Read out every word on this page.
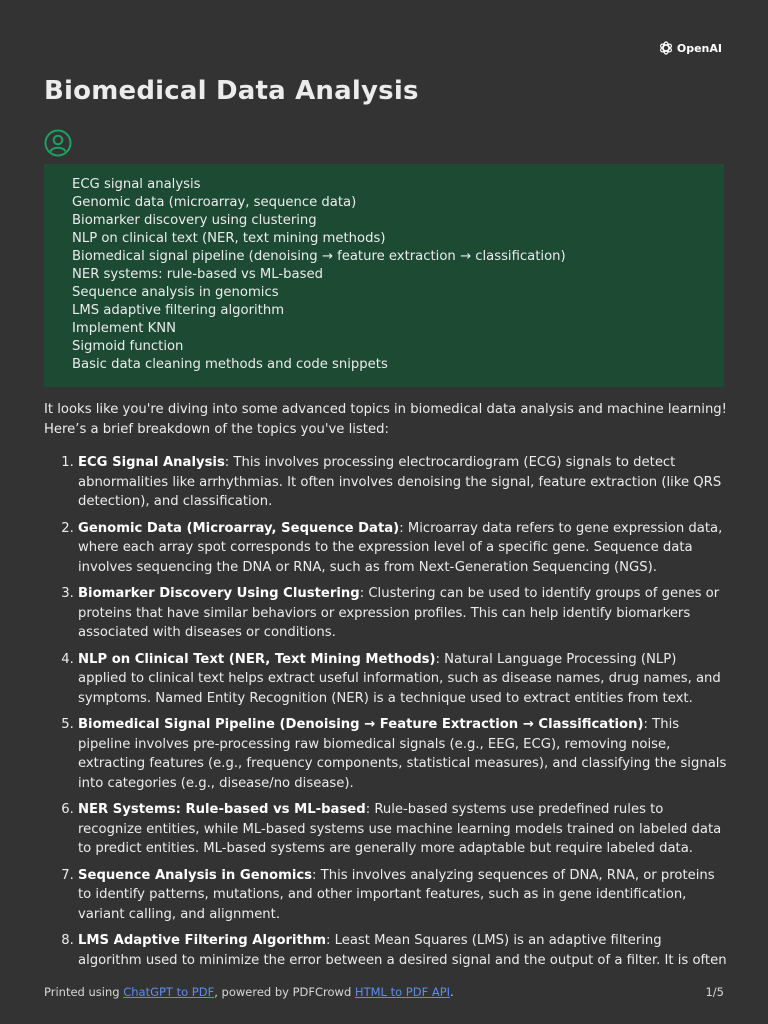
OpenAI
Biomedical Data Analysis
ECG signal analysis
Genomic data (microarray, sequence data)
Biomarker discovery using clustering
NLP on clinical text (NER, text mining methods)
Biomedical signal pipeline (denoising → feature extraction → classification)
NER systems: rule-based vs ML-based
Sequence analysis in genomics
LMS adaptive filtering algorithm
Implement KNN
Sigmoid function
Basic data cleaning methods and code snippets

It looks like you're diving into some advanced topics in biomedical data analysis and machine learning! Here’s a brief breakdown of the topics you've listed:

1. ECG Signal Analysis: This involves processing electrocardiogram (ECG) signals to detect abnormalities like arrhythmias. It often involves denoising the signal, feature extraction (like QRS detection), and classification.
2. Genomic Data (Microarray, Sequence Data): Microarray data refers to gene expression data, where each array spot corresponds to the expression level of a specific gene. Sequence data involves sequencing the DNA or RNA, such as from Next-Generation Sequencing (NGS).
3. Biomarker Discovery Using Clustering: Clustering can be used to identify groups of genes or proteins that have similar behaviors or expression profiles. This can help identify biomarkers associated with diseases or conditions.
4. NLP on Clinical Text (NER, Text Mining Methods): Natural Language Processing (NLP) applied to clinical text helps extract useful information, such as disease names, drug names, and symptoms. Named Entity Recognition (NER) is a technique used to extract entities from text.
5. Biomedical Signal Pipeline (Denoising → Feature Extraction → Classification): This pipeline involves pre-processing raw biomedical signals (e.g., EEG, ECG), removing noise, extracting features (e.g., frequency components, statistical measures), and classifying the signals into categories (e.g., disease/no disease).
6. NER Systems: Rule-based vs ML-based: Rule-based systems use predefined rules to recognize entities, while ML-based systems use machine learning models trained on labeled data to predict entities. ML-based systems are generally more adaptable but require labeled data.
7. Sequence Analysis in Genomics: This involves analyzing sequences of DNA, RNA, or proteins to identify patterns, mutations, and other important features, such as in gene identification, variant calling, and alignment.
8. LMS Adaptive Filtering Algorithm: Least Mean Squares (LMS) is an adaptive filtering algorithm used to minimize the error between a desired signal and the output of a filter. It is often
Printed using ChatGPT to PDF, powered by PDFCrowd HTML to PDF API.	1/5
